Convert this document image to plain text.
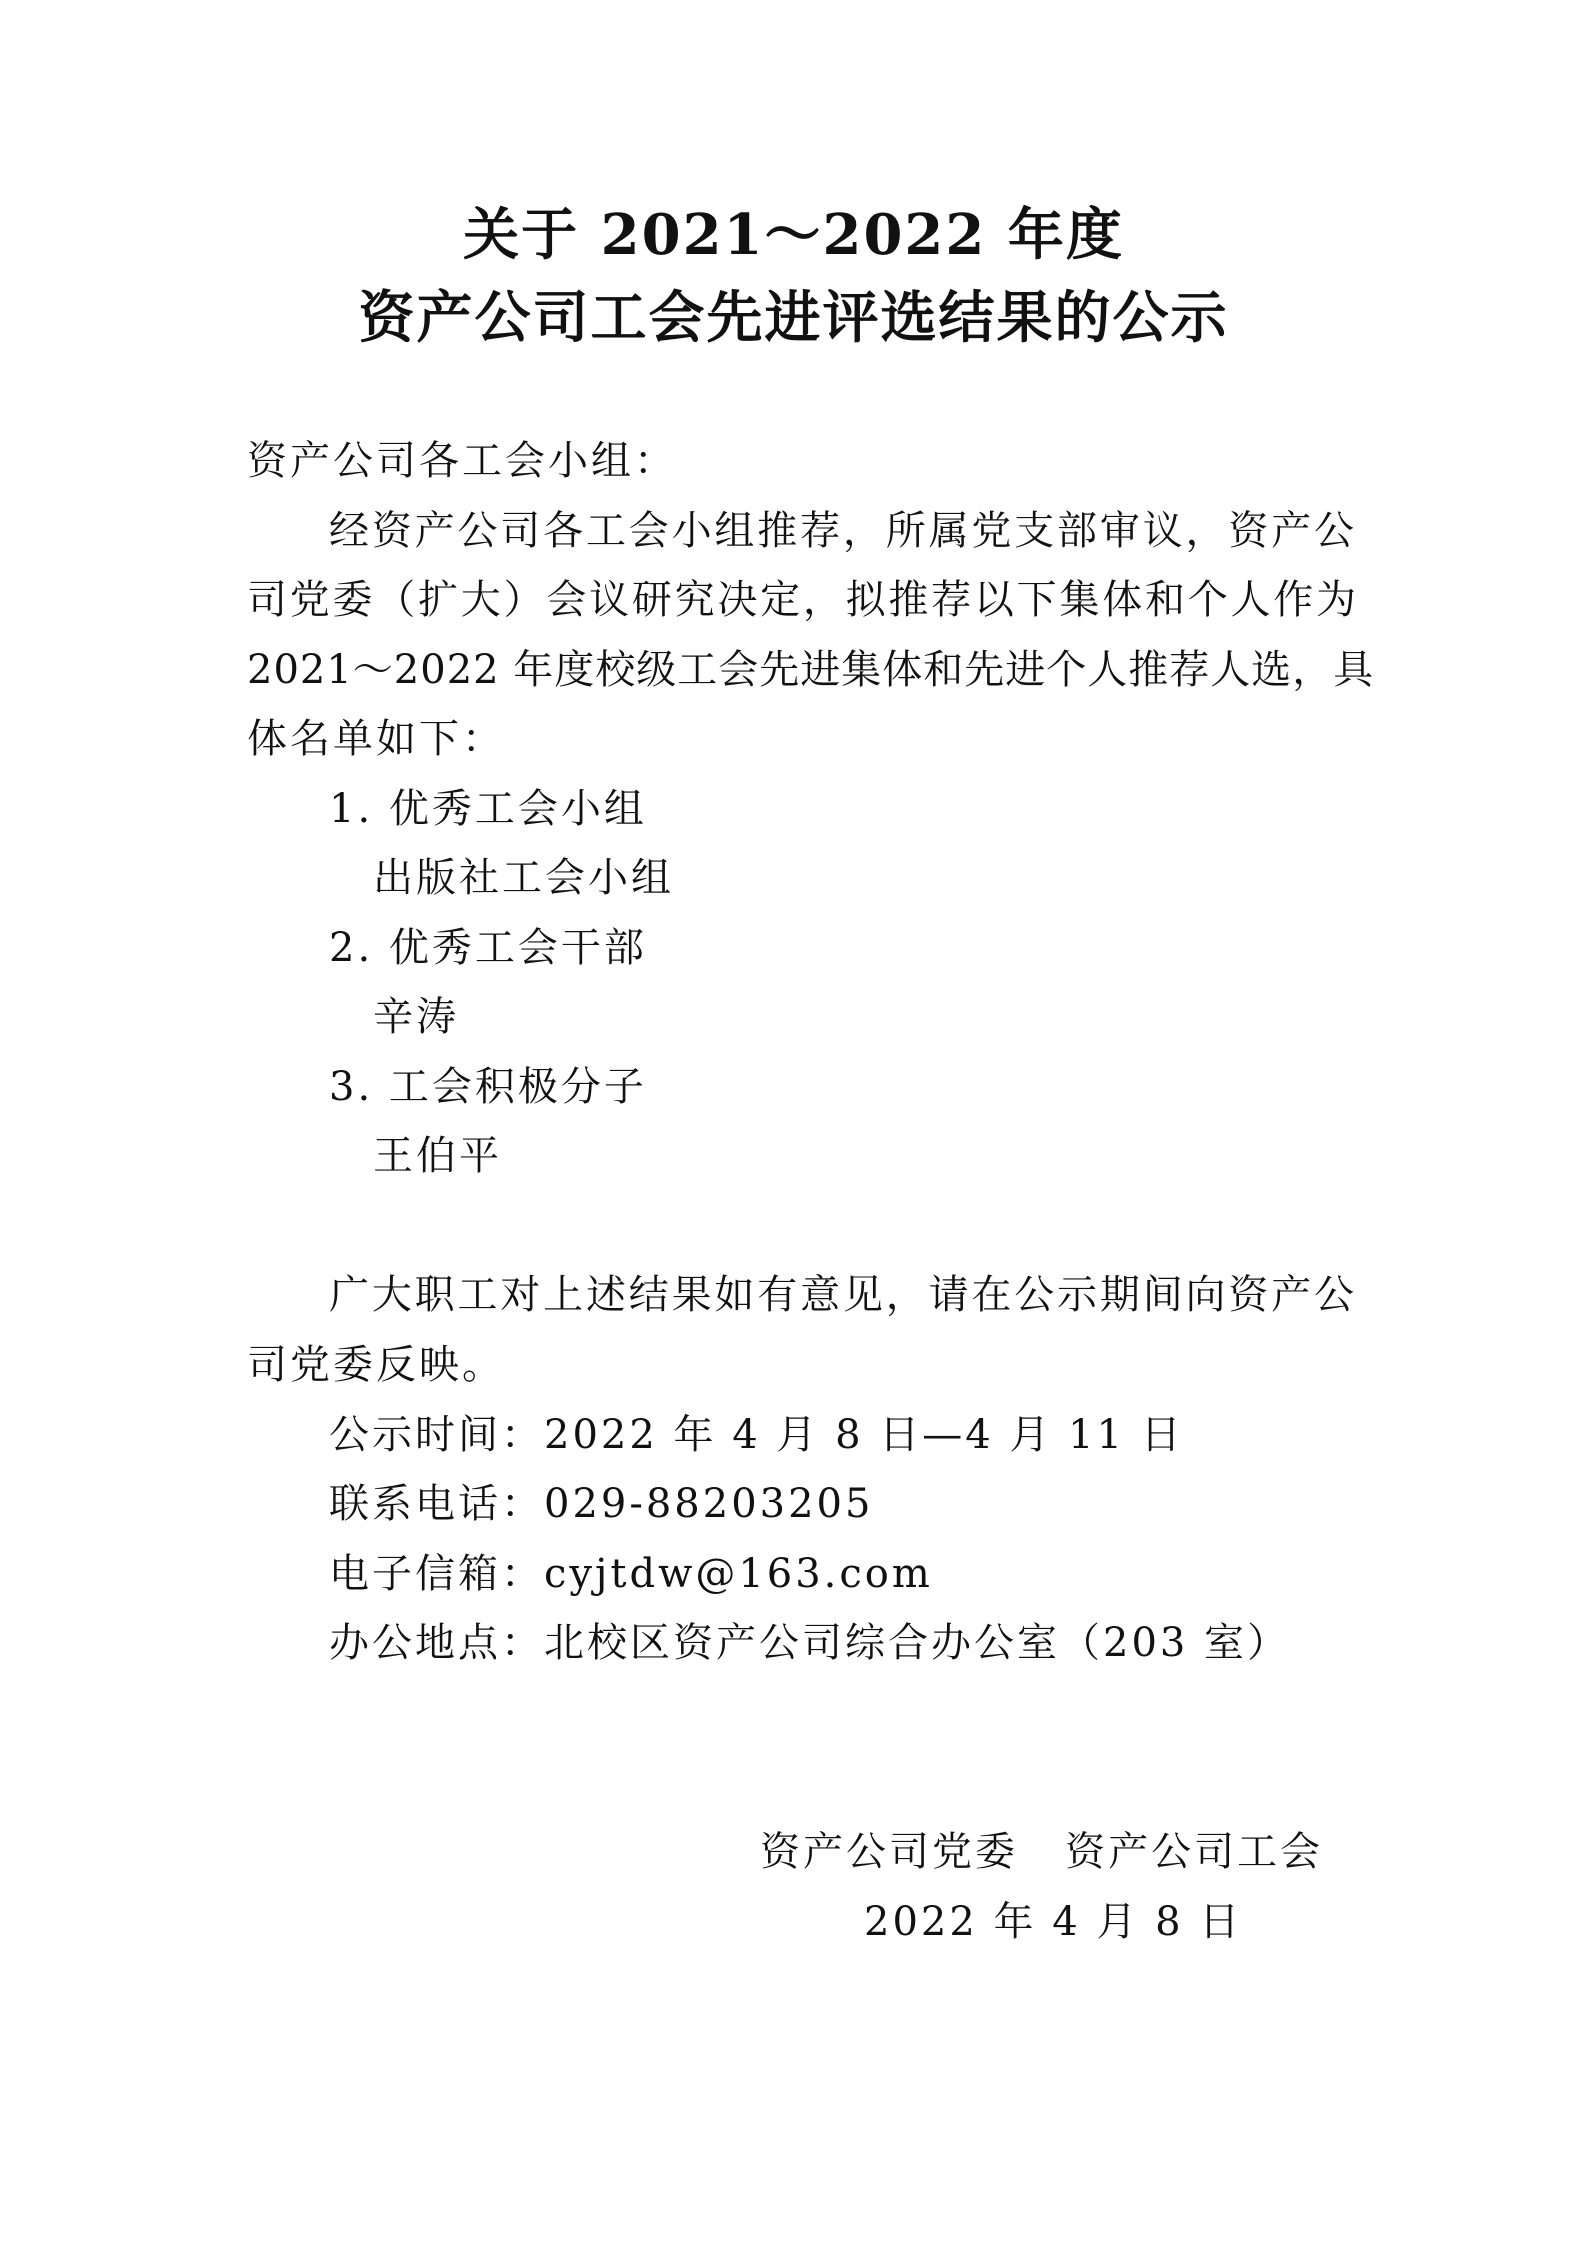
关于 2021～2022 年度
资产公司工会先进评选结果的公示
资产公司各工会小组：
经资产公司各工会小组推荐，所属党支部审议，资产公
司党委（扩大）会议研究决定，拟推荐以下集体和个人作为
2021～2022 年度校级工会先进集体和先进个人推荐人选，具
体名单如下：
1. 优秀工会小组
出版社工会小组
2. 优秀工会干部
辛涛
3. 工会积极分子
王伯平
广大职工对上述结果如有意见，请在公示期间向资产公
司党委反映。
公示时间：2022 年 4 月 8 日—4 月 11 日
联系电话：029-88203205
电子信箱：cyjtdw@163.com
办公地点：北校区资产公司综合办公室（203 室）
资产公司党委   资产公司工会
2022 年 4 月 8 日
